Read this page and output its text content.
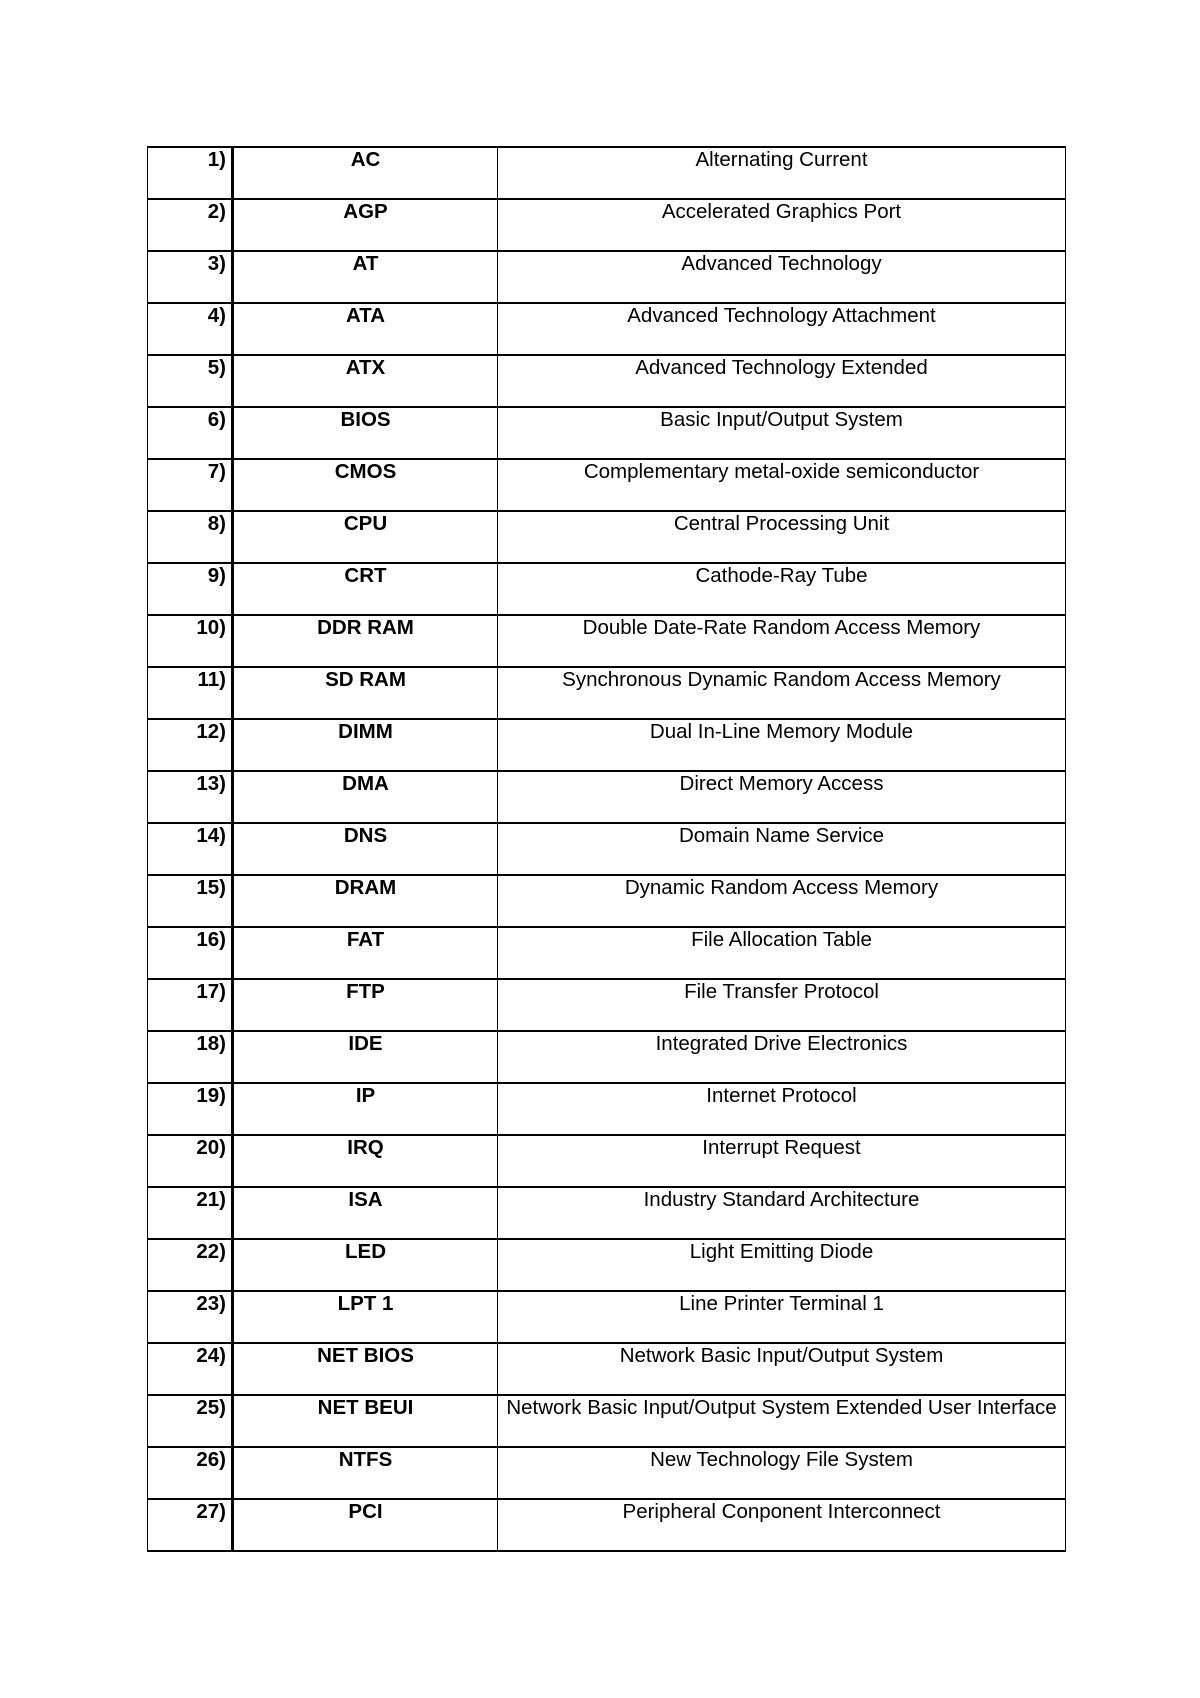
1)	AC	Alternating Current
2)	AGP	Accelerated Graphics Port
3)	AT	Advanced Technology
4)	ATA	Advanced Technology Attachment
5)	ATX	Advanced Technology Extended
6)	BIOS	Basic Input/Output System
7)	CMOS	Complementary metal-oxide semiconductor
8)	CPU	Central Processing Unit
9)	CRT	Cathode-Ray Tube
10)	DDR RAM	Double Date-Rate Random Access Memory
11)	SD RAM	Synchronous Dynamic Random Access Memory
12)	DIMM	Dual In-Line Memory Module
13)	DMA	Direct Memory Access
14)	DNS	Domain Name Service
15)	DRAM	Dynamic Random Access Memory
16)	FAT	File Allocation Table
17)	FTP	File Transfer Protocol
18)	IDE	Integrated Drive Electronics
19)	IP	Internet Protocol
20)	IRQ	Interrupt Request
21)	ISA	Industry Standard Architecture
22)	LED	Light Emitting Diode
23)	LPT 1	Line Printer Terminal 1
24)	NET BIOS	Network Basic Input/Output System
25)	NET BEUI	Network Basic Input/Output System Extended User Interface
26)	NTFS	New Technology File System
27)	PCI	Peripheral Conponent Interconnect
